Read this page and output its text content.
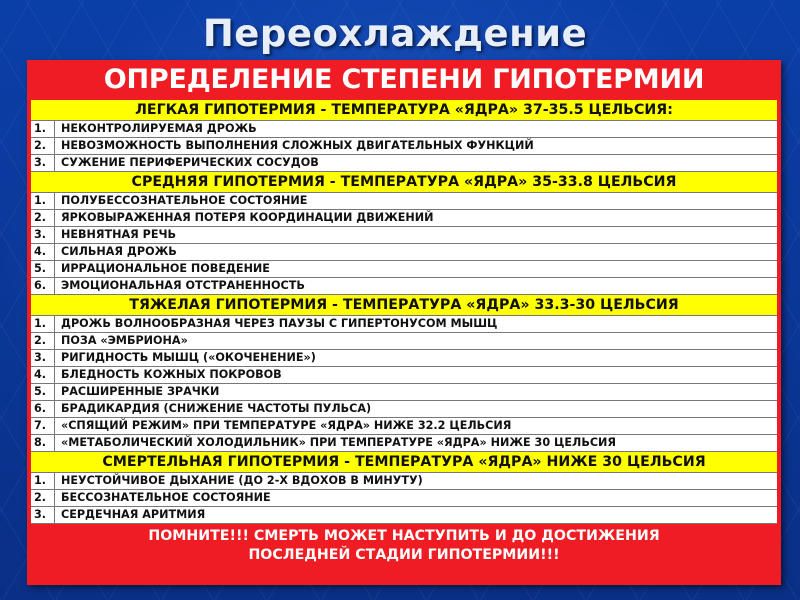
Переохлаждение
ОПРЕДЕЛЕНИЕ СТЕПЕНИ ГИПОТЕРМИИ
ЛЕГКАЯ ГИПОТЕРМИЯ - ТЕМПЕРАТУРА «ЯДРА» 37-35.5 ЦЕЛЬСИЯ:
1.	НЕКОНТРОЛИРУЕМАЯ ДРОЖЬ
2.	НЕВОЗМОЖНОСТЬ ВЫПОЛНЕНИЯ СЛОЖНЫХ ДВИГАТЕЛЬНЫХ ФУНКЦИЙ
3.	СУЖЕНИЕ ПЕРИФЕРИЧЕСКИХ СОСУДОВ
СРЕДНЯЯ ГИПОТЕРМИЯ - ТЕМПЕРАТУРА «ЯДРА» 35-33.8 ЦЕЛЬСИЯ
1.	ПОЛУБЕССОЗНАТЕЛЬНОЕ СОСТОЯНИЕ
2.	ЯРКОВЫРАЖЕННАЯ ПОТЕРЯ КООРДИНАЦИИ ДВИЖЕНИЙ
3.	НЕВНЯТНАЯ РЕЧЬ
4.	СИЛЬНАЯ ДРОЖЬ
5.	ИРРАЦИОНАЛЬНОЕ ПОВЕДЕНИЕ
6.	ЭМОЦИОНАЛЬНАЯ ОТСТРАНЕННОСТЬ
ТЯЖЕЛАЯ ГИПОТЕРМИЯ - ТЕМПЕРАТУРА «ЯДРА» 33.3-30 ЦЕЛЬСИЯ
1.	ДРОЖЬ ВОЛНООБРАЗНАЯ ЧЕРЕЗ ПАУЗЫ С ГИПЕРТОНУСОМ МЫШЦ
2.	ПОЗА «ЭМБРИОНА»
3.	РИГИДНОСТЬ МЫШЦ («ОКОЧЕНЕНИЕ»)
4.	БЛЕДНОСТЬ КОЖНЫХ ПОКРОВОВ
5.	РАСШИРЕННЫЕ ЗРАЧКИ
6.	БРАДИКАРДИЯ (СНИЖЕНИЕ ЧАСТОТЫ ПУЛЬСА)
7.	«СПЯЩИЙ РЕЖИМ» ПРИ ТЕМПЕРАТУРЕ «ЯДРА» НИЖЕ 32.2 ЦЕЛЬСИЯ
8.	«МЕТАБОЛИЧЕСКИЙ ХОЛОДИЛЬНИК» ПРИ ТЕМПЕРАТУРЕ «ЯДРА» НИЖЕ 30 ЦЕЛЬСИЯ
СМЕРТЕЛЬНАЯ ГИПОТЕРМИЯ - ТЕМПЕРАТУРА «ЯДРА» НИЖЕ 30 ЦЕЛЬСИЯ
1.	НЕУСТОЙЧИВОЕ ДЫХАНИЕ (ДО 2-Х ВДОХОВ В МИНУТУ)
2.	БЕССОЗНАТЕЛЬНОЕ СОСТОЯНИЕ
3.	СЕРДЕЧНАЯ АРИТМИЯ
ПОМНИТЕ!!! СМЕРТЬ МОЖЕТ НАСТУПИТЬ И ДО ДОСТИЖЕНИЯ
ПОСЛЕДНЕЙ СТАДИИ ГИПОТЕРМИИ!!!
